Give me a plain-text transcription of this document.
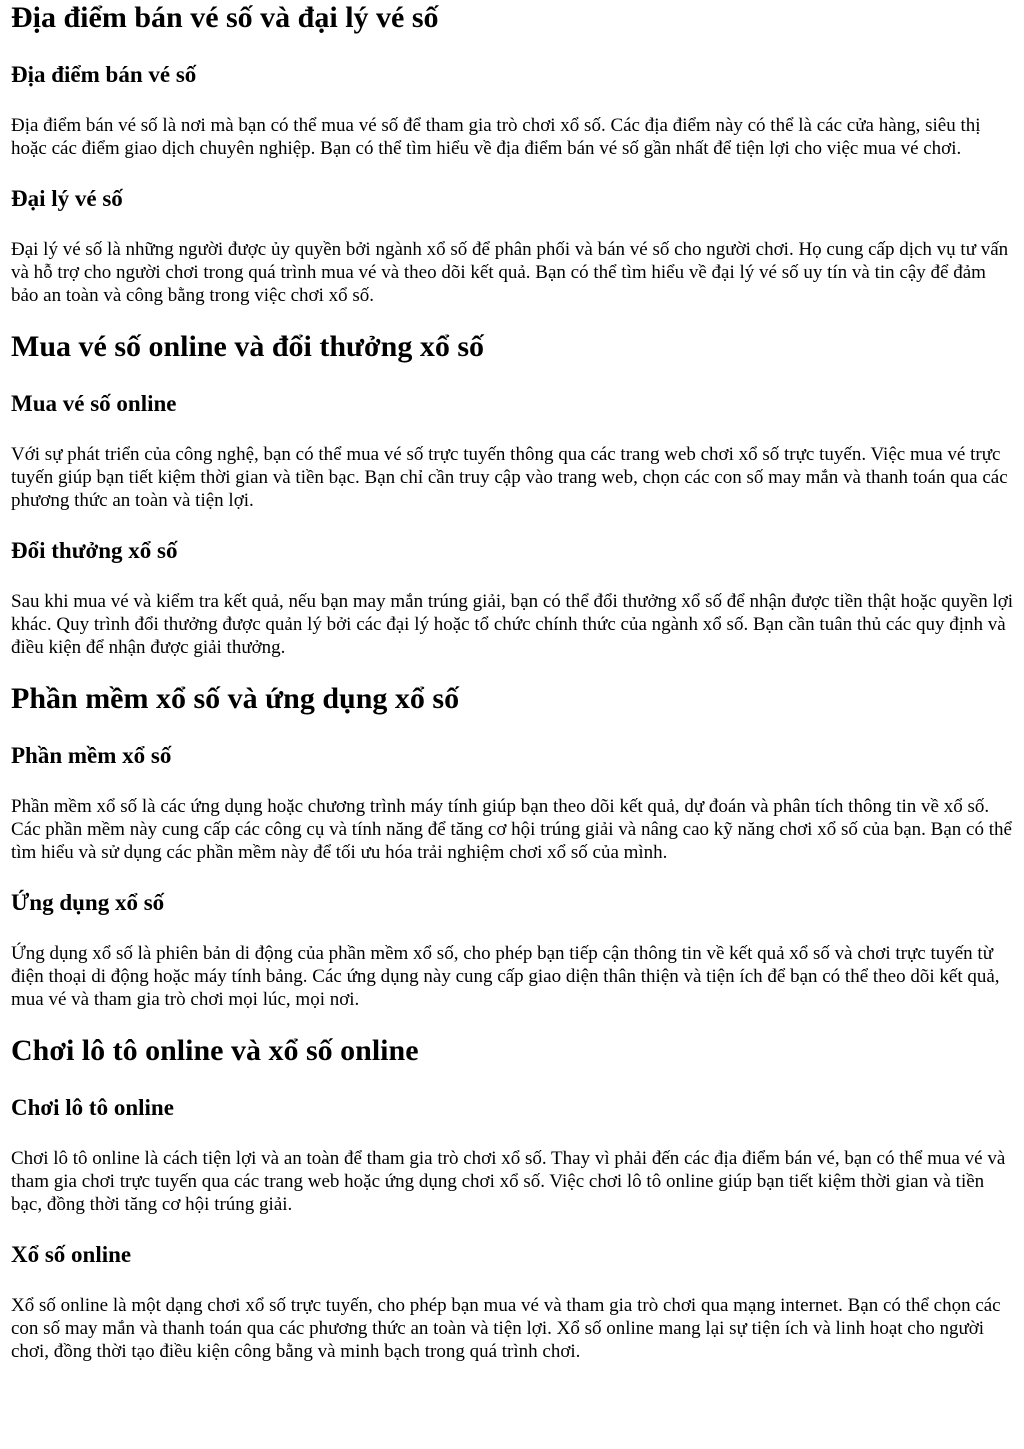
Địa điểm bán vé số và đại lý vé số
Địa điểm bán vé số

Địa điểm bán vé số là nơi mà bạn có thể mua vé số để tham gia trò chơi xổ số. Các địa điểm này có thể là các cửa hàng, siêu thị hoặc các điểm giao dịch chuyên nghiệp. Bạn có thể tìm hiểu về địa điểm bán vé số gần nhất để tiện lợi cho việc mua vé chơi.

Đại lý vé số

Đại lý vé số là những người được ủy quyền bởi ngành xổ số để phân phối và bán vé số cho người chơi. Họ cung cấp dịch vụ tư vấn và hỗ trợ cho người chơi trong quá trình mua vé và theo dõi kết quả. Bạn có thể tìm hiểu về đại lý vé số uy tín và tin cậy để đảm bảo an toàn và công bằng trong việc chơi xổ số.

Mua vé số online và đổi thưởng xổ số
Mua vé số online

Với sự phát triển của công nghệ, bạn có thể mua vé số trực tuyến thông qua các trang web chơi xổ số trực tuyến. Việc mua vé trực tuyến giúp bạn tiết kiệm thời gian và tiền bạc. Bạn chỉ cần truy cập vào trang web, chọn các con số may mắn và thanh toán qua các phương thức an toàn và tiện lợi.

Đổi thưởng xổ số

Sau khi mua vé và kiểm tra kết quả, nếu bạn may mắn trúng giải, bạn có thể đổi thưởng xổ số để nhận được tiền thật hoặc quyền lợi khác. Quy trình đổi thưởng được quản lý bởi các đại lý hoặc tổ chức chính thức của ngành xổ số. Bạn cần tuân thủ các quy định và điều kiện để nhận được giải thưởng.

Phần mềm xổ số và ứng dụng xổ số
Phần mềm xổ số

Phần mềm xổ số là các ứng dụng hoặc chương trình máy tính giúp bạn theo dõi kết quả, dự đoán và phân tích thông tin về xổ số. Các phần mềm này cung cấp các công cụ và tính năng để tăng cơ hội trúng giải và nâng cao kỹ năng chơi xổ số của bạn. Bạn có thể tìm hiểu và sử dụng các phần mềm này để tối ưu hóa trải nghiệm chơi xổ số của mình.

Ứng dụng xổ số

Ứng dụng xổ số là phiên bản di động của phần mềm xổ số, cho phép bạn tiếp cận thông tin về kết quả xổ số và chơi trực tuyến từ điện thoại di động hoặc máy tính bảng. Các ứng dụng này cung cấp giao diện thân thiện và tiện ích để bạn có thể theo dõi kết quả, mua vé và tham gia trò chơi mọi lúc, mọi nơi.

Chơi lô tô online và xổ số online
Chơi lô tô online

Chơi lô tô online là cách tiện lợi và an toàn để tham gia trò chơi xổ số. Thay vì phải đến các địa điểm bán vé, bạn có thể mua vé và tham gia chơi trực tuyến qua các trang web hoặc ứng dụng chơi xổ số. Việc chơi lô tô online giúp bạn tiết kiệm thời gian và tiền bạc, đồng thời tăng cơ hội trúng giải.

Xổ số online

Xổ số online là một dạng chơi xổ số trực tuyến, cho phép bạn mua vé và tham gia trò chơi qua mạng internet. Bạn có thể chọn các con số may mắn và thanh toán qua các phương thức an toàn và tiện lợi. Xổ số online mang lại sự tiện ích và linh hoạt cho người chơi, đồng thời tạo điều kiện công bằng và minh bạch trong quá trình chơi.
